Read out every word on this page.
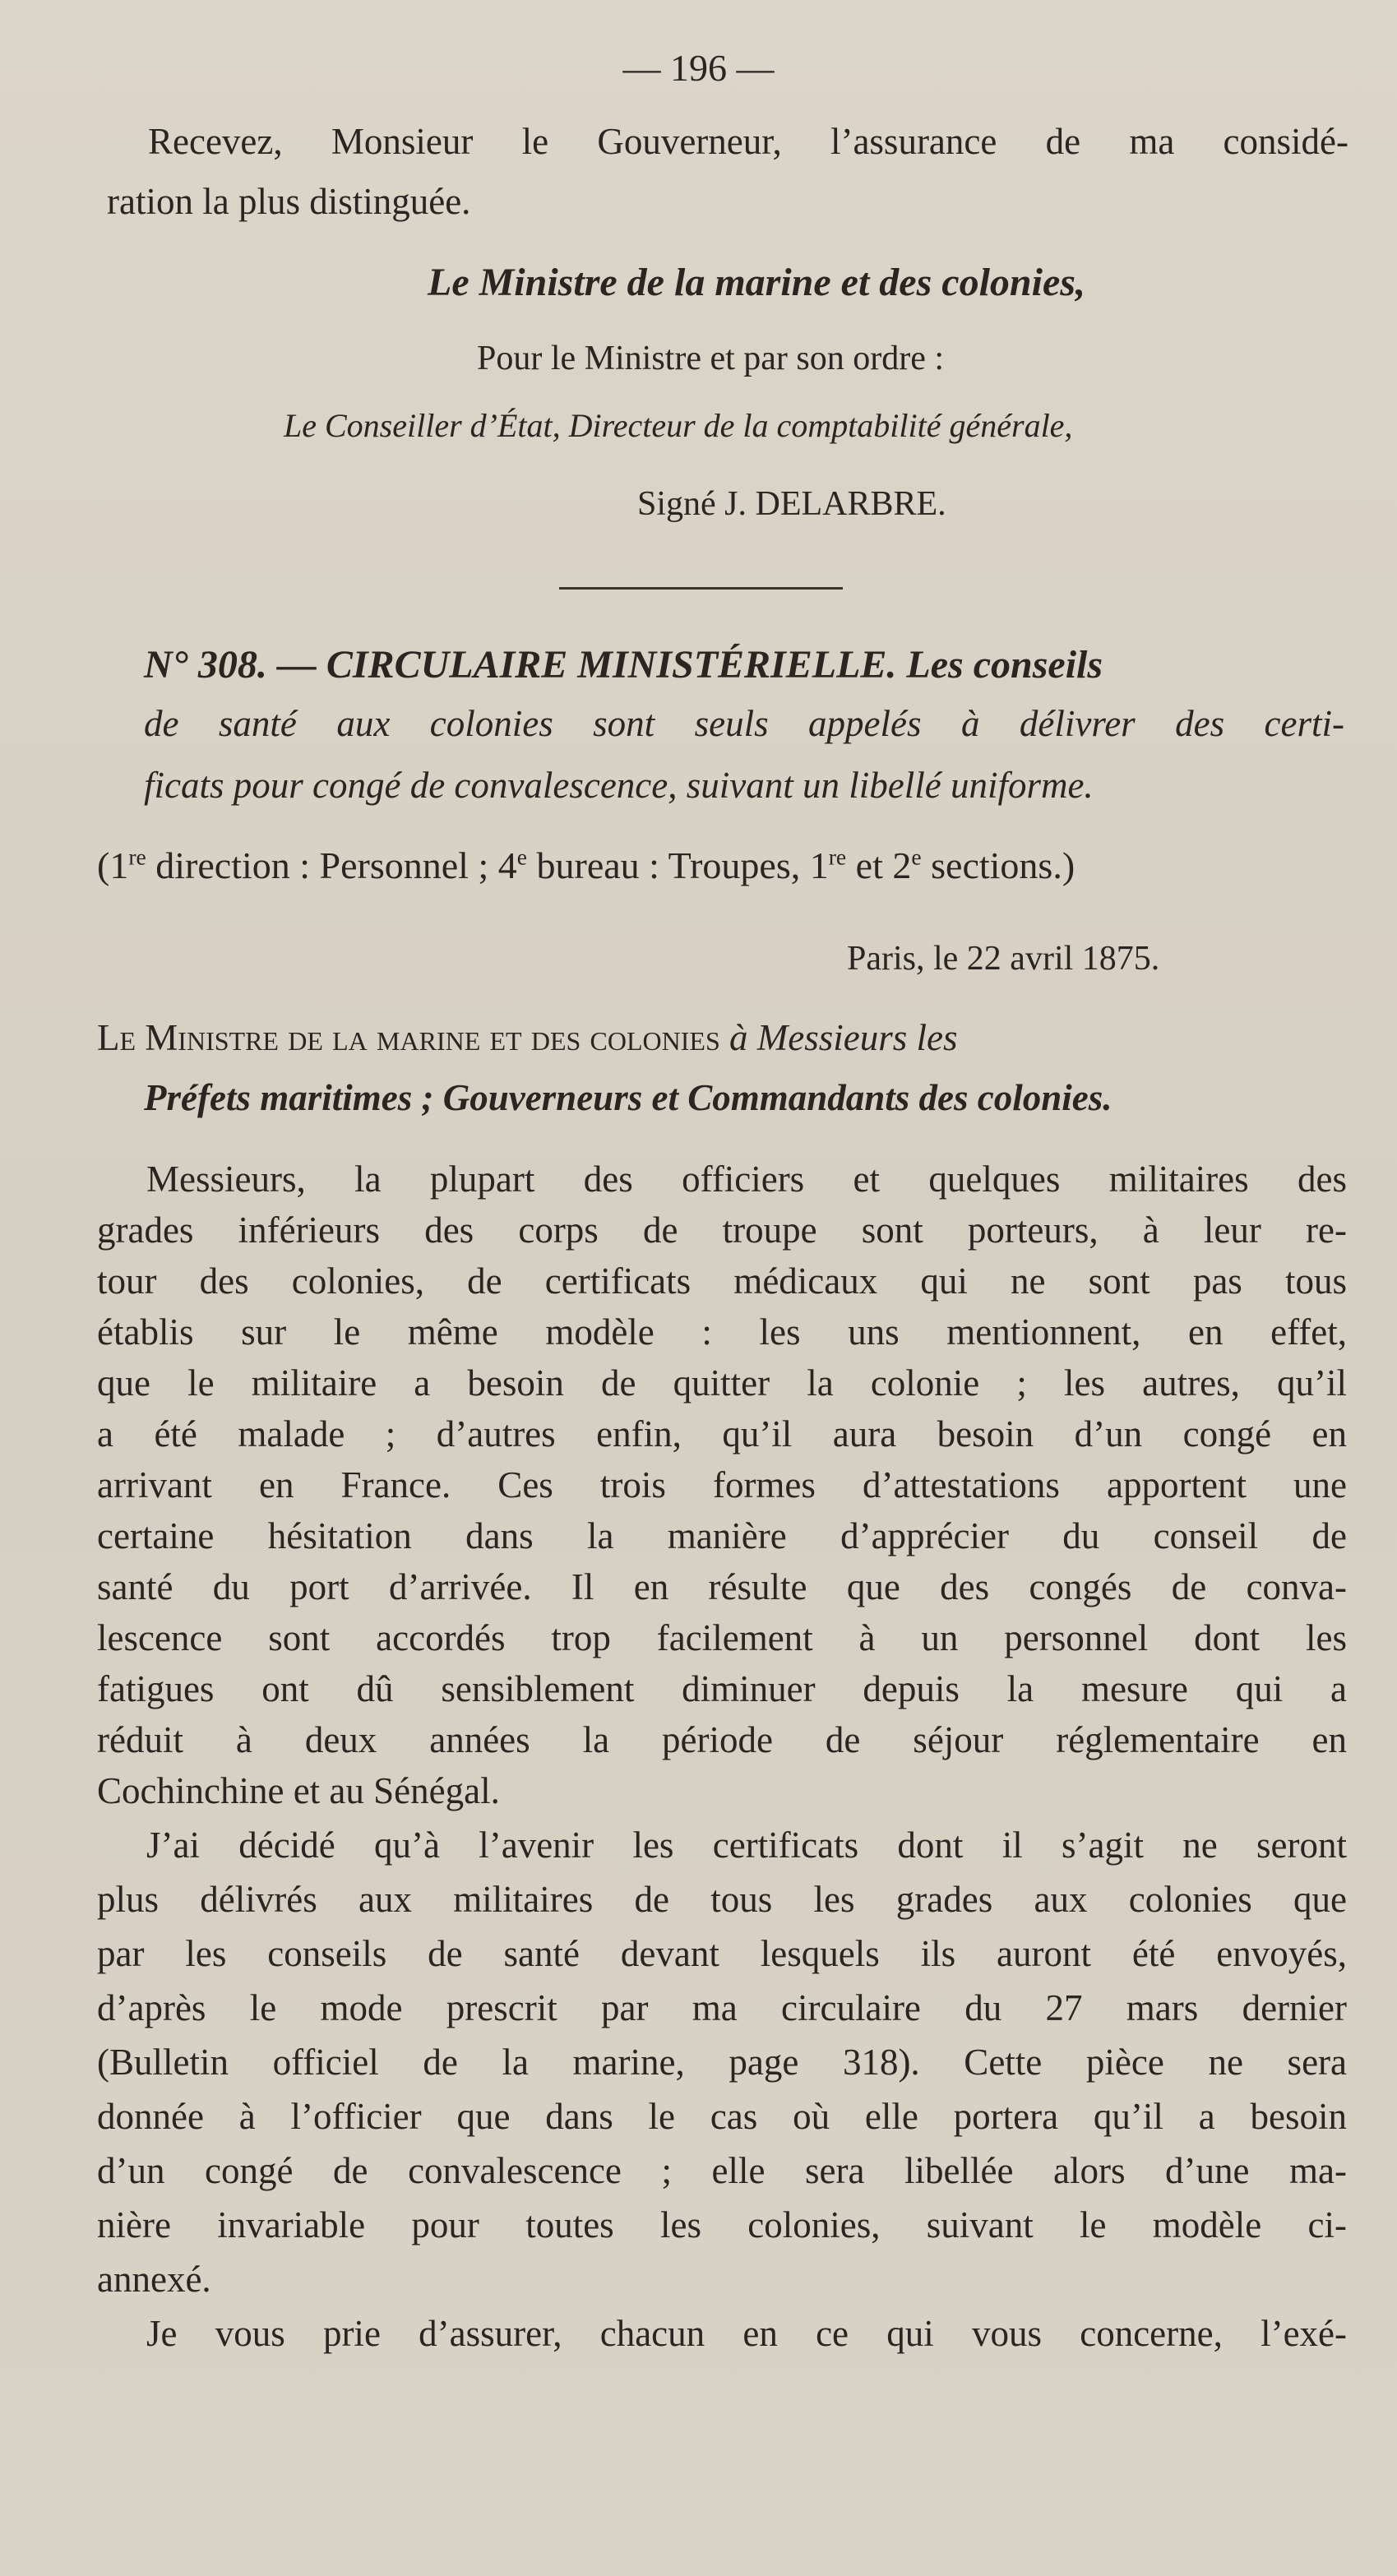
— 196 —
Recevez, Monsieur le Gouverneur, l’assurance de ma considé-
ration la plus distinguée.
Le Ministre de la marine et des colonies,
Pour le Ministre et par son ordre :
Le Conseiller d’État, Directeur de la comptabilité générale,
Signé J. DELARBRE.
N° 308. — CIRCULAIRE MINISTÉRIELLE. Les conseils
de santé aux colonies sont seuls appelés à délivrer des certi-
ficats pour congé de convalescence, suivant un libellé uniforme.
(1re direction : Personnel ; 4e bureau : Troupes, 1re et 2e sections.)
Paris, le 22 avril 1875.
Le Ministre de la marine et des colonies à Messieurs les
Préfets maritimes ; Gouverneurs et Commandants des colonies.
Messieurs, la plupart des officiers et quelques militaires des
grades inférieurs des corps de troupe sont porteurs, à leur re-
tour des colonies, de certificats médicaux qui ne sont pas tous
établis sur le même modèle : les uns mentionnent, en effet,
que le militaire a besoin de quitter la colonie ; les autres, qu’il
a été malade ; d’autres enfin, qu’il aura besoin d’un congé en
arrivant en France. Ces trois formes d’attestations apportent une
certaine hésitation dans la manière d’apprécier du conseil de
santé du port d’arrivée. Il en résulte que des congés de conva-
lescence sont accordés trop facilement à un personnel dont les
fatigues ont dû sensiblement diminuer depuis la mesure qui a
réduit à deux années la période de séjour réglementaire en
Cochinchine et au Sénégal.
J’ai décidé qu’à l’avenir les certificats dont il s’agit ne seront
plus délivrés aux militaires de tous les grades aux colonies que
par les conseils de santé devant lesquels ils auront été envoyés,
d’après le mode prescrit par ma circulaire du 27 mars dernier
(Bulletin officiel de la marine, page 318). Cette pièce ne sera
donnée à l’officier que dans le cas où elle portera qu’il a besoin
d’un congé de convalescence ; elle sera libellée alors d’une ma-
nière invariable pour toutes les colonies, suivant le modèle ci-
annexé.
Je vous prie d’assurer, chacun en ce qui vous concerne, l’exé-
